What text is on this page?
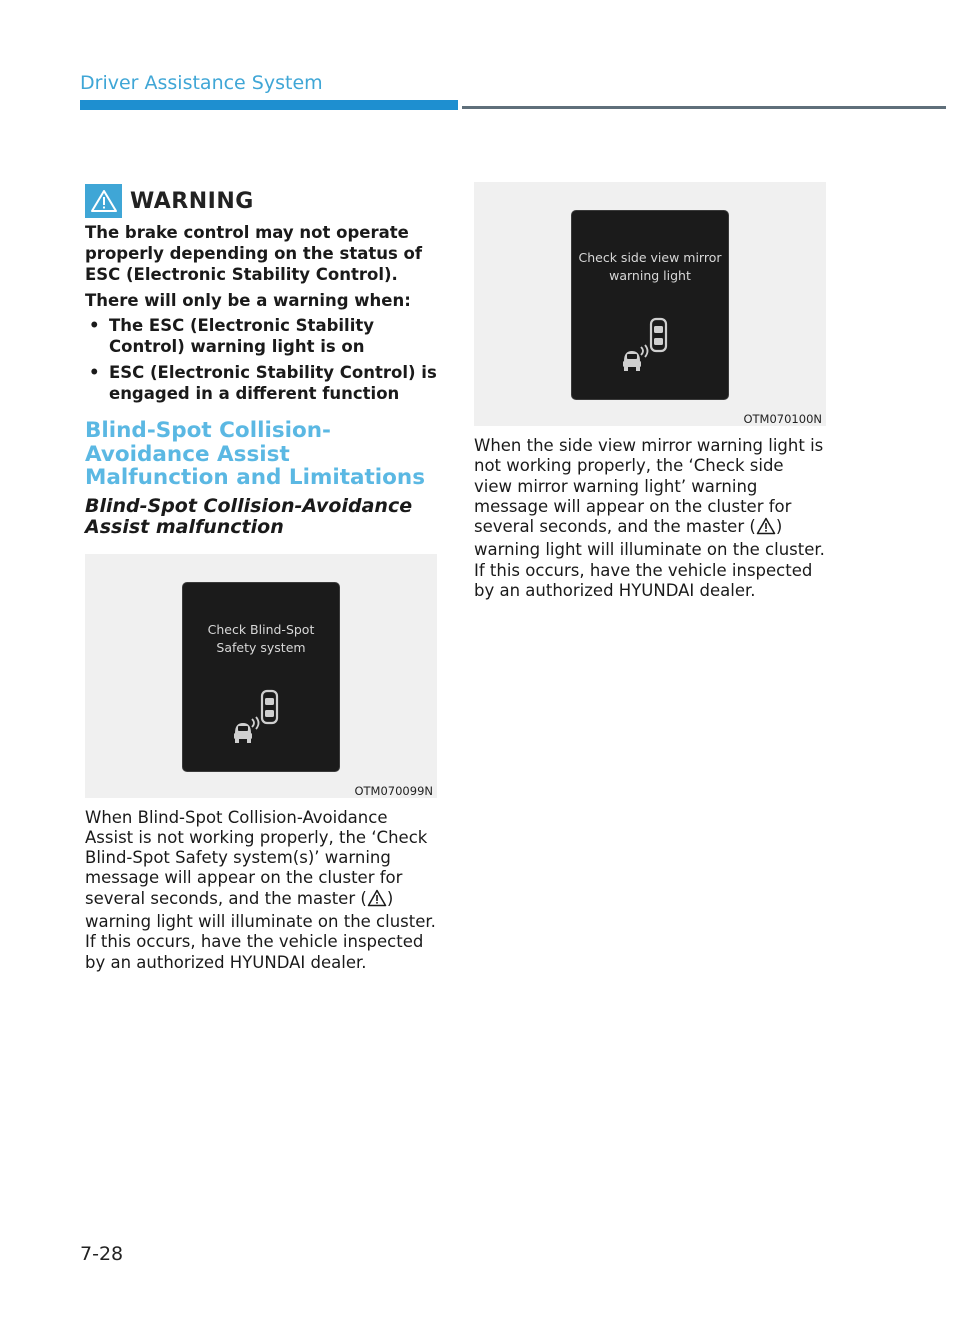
Driver Assistance System
WARNING

The brake control may not operate properly depending on the status of ESC (Electronic Stability Control).

There will only be a warning when:

• The ESC (Electronic Stability Control) warning light is on
• ESC (Electronic Stability Control) is engaged in a different function
Blind-Spot Collision-Avoidance Assist Malfunction and Limitations
Blind-Spot Collision-Avoidance Assist malfunction
Check Blind-Spot
Safety system
OTM070099N
When Blind-Spot Collision-Avoidance Assist is not working properly, the ‘Check Blind-Spot Safety system(s)’ warning message will appear on the cluster for several seconds, and the master ( ) warning light will illuminate on the cluster. If this occurs, have the vehicle inspected by an authorized HYUNDAI dealer.
Check side view mirror
warning light
OTM070100N
When the side view mirror warning light is not working properly, the ‘Check side view mirror warning light’ warning message will appear on the cluster for several seconds, and the master ( ) warning light will illuminate on the cluster. If this occurs, have the vehicle inspected by an authorized HYUNDAI dealer.
7-28
